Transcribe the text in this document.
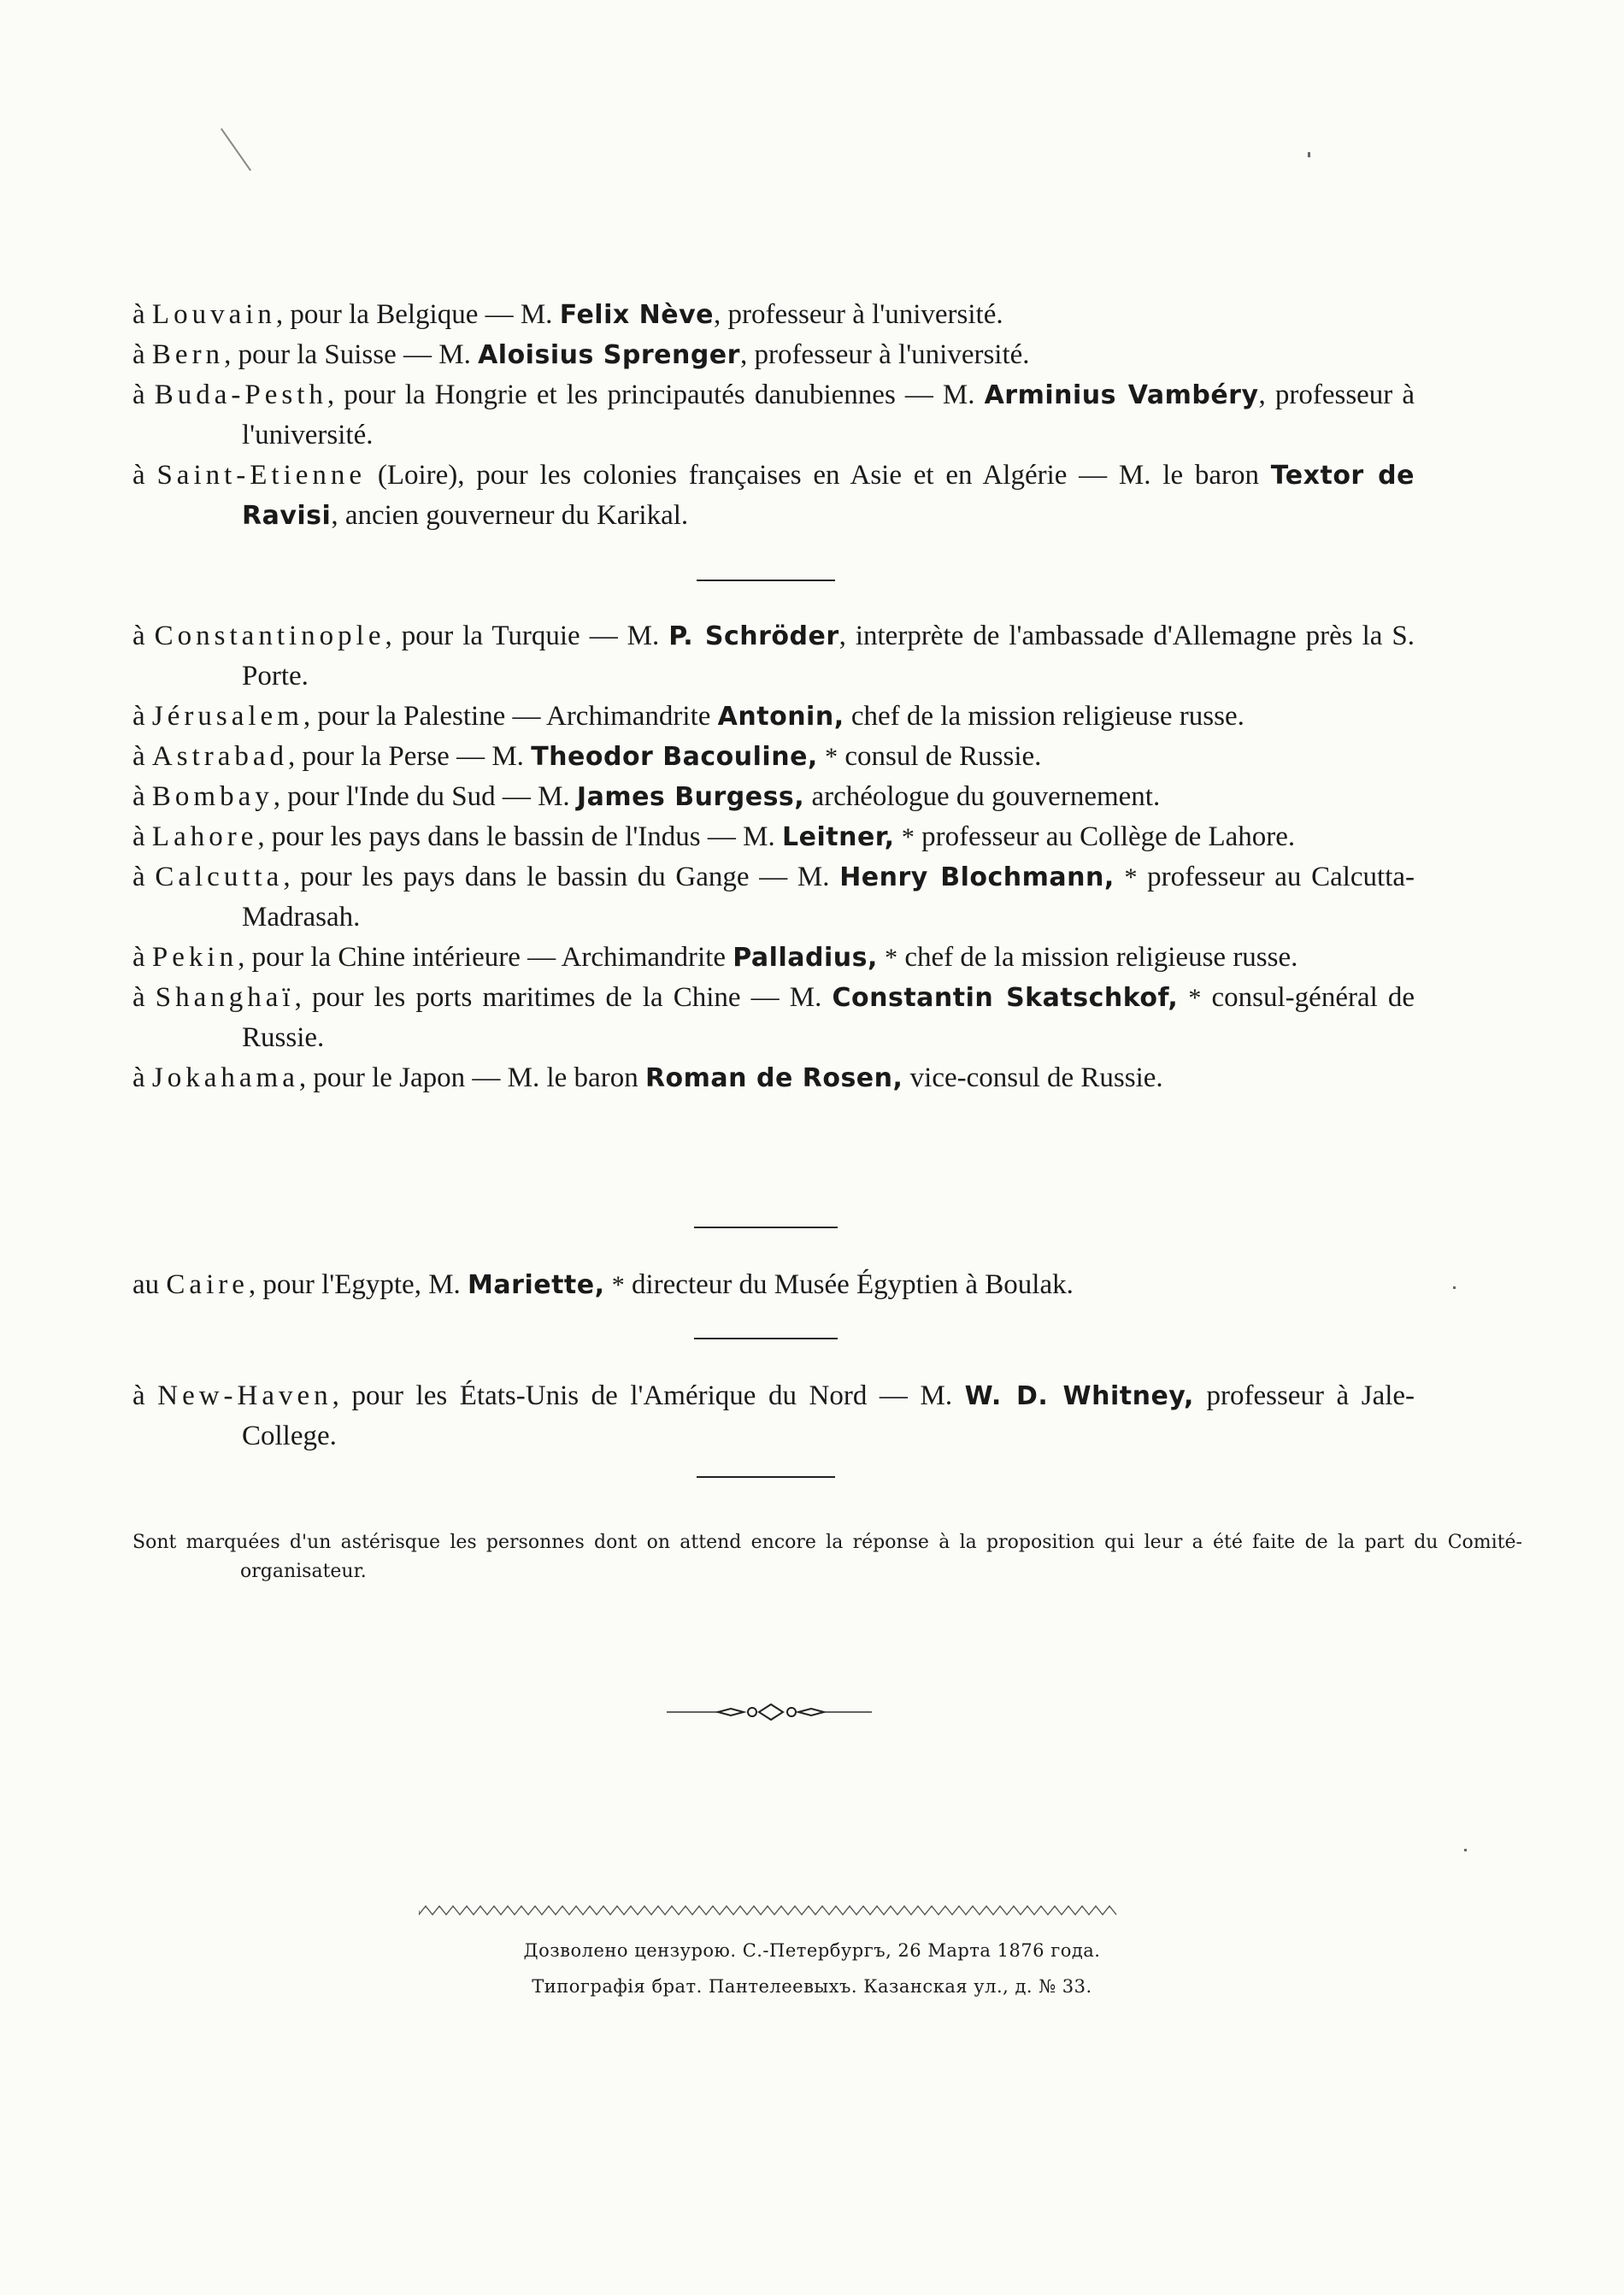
à Louvain, pour la Belgique — M. Felix Nève, professeur à l'université.

à Bern, pour la Suisse — M. Aloisius Sprenger, professeur à l'université.

à Buda-Pesth, pour la Hongrie et les principautés danubiennes — M. Arminius Vambéry, professeur à l'université.

à Saint-Etienne (Loire), pour les colonies françaises en Asie et en Algérie — M. le baron Textor de Ravisi, ancien gouverneur du Karikal.

à Constantinople, pour la Turquie — M. P. Schröder, interprète de l'ambassade d'Allemagne près la S. Porte.

à Jérusalem, pour la Palestine — Archimandrite Antonin, chef de la mission religieuse russe.

à Astrabad, pour la Perse — M. Theodor Bacouline, * consul de Russie.

à Bombay, pour l'Inde du Sud — M. James Burgess, archéologue du gouvernement.

à Lahore, pour les pays dans le bassin de l'Indus — M. Leitner, * professeur au Collège de Lahore.

à Calcutta, pour les pays dans le bassin du Gange — M. Henry Blochmann, * professeur au Calcutta-Madrasah.

à Pekin, pour la Chine intérieure — Archimandrite Palladius, * chef de la mission religieuse russe.

à Shanghaï, pour les ports maritimes de la Chine — M. Constantin Skatschkof, * consul-général de Russie.

à Jokahama, pour le Japon — M. le baron Roman de Rosen, vice-consul de Russie.

au Caire, pour l'Egypte, M. Mariette, * directeur du Musée Égyptien à Boulak.

à New-Haven, pour les États-Unis de l'Amérique du Nord — M. W. D. Whitney, professeur à Jale-College.

Sont marquées d'un astérisque les personnes dont on attend encore la réponse à la proposition qui leur a été faite de la part du Comité-organisateur.

Дозволено цензурою. С.-Петербургъ, 26 Марта 1876 года.
Типографія брат. Пантелеевыхъ. Казанская ул., д. № 33.
